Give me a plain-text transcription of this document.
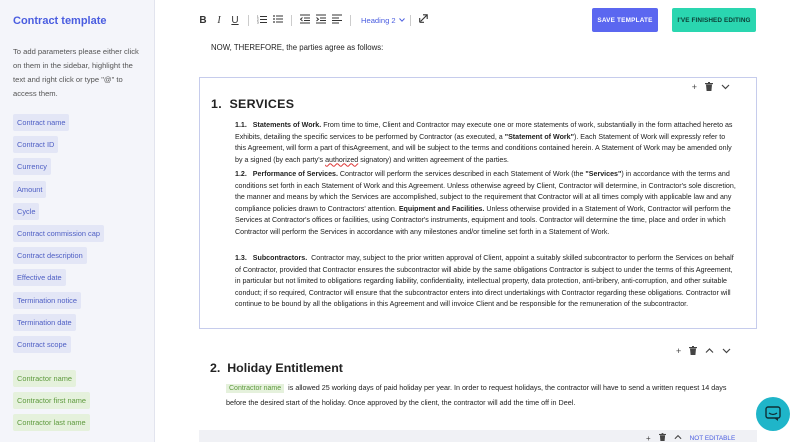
Contract template
To add parameters please either click on them in the sidebar, highlight the text and right click or type "@" to access them.
Contract name
Contract ID
Currency
Amount
Cycle
Contract commission cap
Contract description
Effective date
Termination notice
Termination date
Contract scope
Contractor name
Contractor first name
Contractor last name
B	I	U	1
2
3	Heading 2	SAVE TEMPLATE	I'VE FINISHED EDITING
NOW, THEREFORE, the parties agree as follows:
+
1. SERVICES
1.1. Statements of Work. From time to time, Client and Contractor may execute one or more statements of work, substantially in the form attached hereto as Exhibits, detailing the specific services to be performed by Contractor (as executed, a "Statement of Work"). Each Statement of Work will expressly refer to this Agreement, will form a part of thisAgreement, and will be subject to the terms and conditions contained herein. A Statement of Work may be amended only by a signed (by each party's authorized signatory) and written agreement of the parties.
1.2. Performance of Services. Contractor will perform the services described in each Statement of Work (the "Services") in accordance with the terms and conditions set forth in each Statement of Work and this Agreement. Unless otherwise agreed by Client, Contractor will determine, in Contractor's sole discretion, the manner and means by which the Services are accomplished, subject to the requirement that Contractor will at all times comply with applicable law and any compliance policies drawn to Contractors' attention. Equipment and Facilities. Unless otherwise provided in a Statement of Work, Contractor will perform the Services at Contractor's offices or facilities, using Contractor's instruments, equipment and tools. Contractor will determine the time, place and order in which Contractor will perform the Services in accordance with any milestones and/or timeline set forth in a Statement of Work.
1.3. Subcontractors. Contractor may, subject to the prior written approval of Client, appoint a suitably skilled subcontractor to perform the Services on behalf of Contractor, provided that Contractor ensures the subcontractor will abide by the same obligations Contractor is subject to under the terms of this Agreement, in particular but not limited to obligations regarding liability, confidentiality, intellectual property, data protection, anti-bribery, anti-corruption, and other suitable conduct; if so required, Contractor will ensure that the subcontractor enters into direct undertakings with Contractor regarding these obligations. Contractor will continue to be bound by all the obligations in this Agreement and will invoice Client and be responsible for the remuneration of the subcontractor.
+
2. Holiday Entitlement
Contractor name is allowed 25 working days of paid holiday per year. In order to request holidays, the contractor will have to send a written request 14 days before the desired start of the holiday. Once approved by the client, the contractor will add the time off in Deel.
+	NOT EDITABLE
